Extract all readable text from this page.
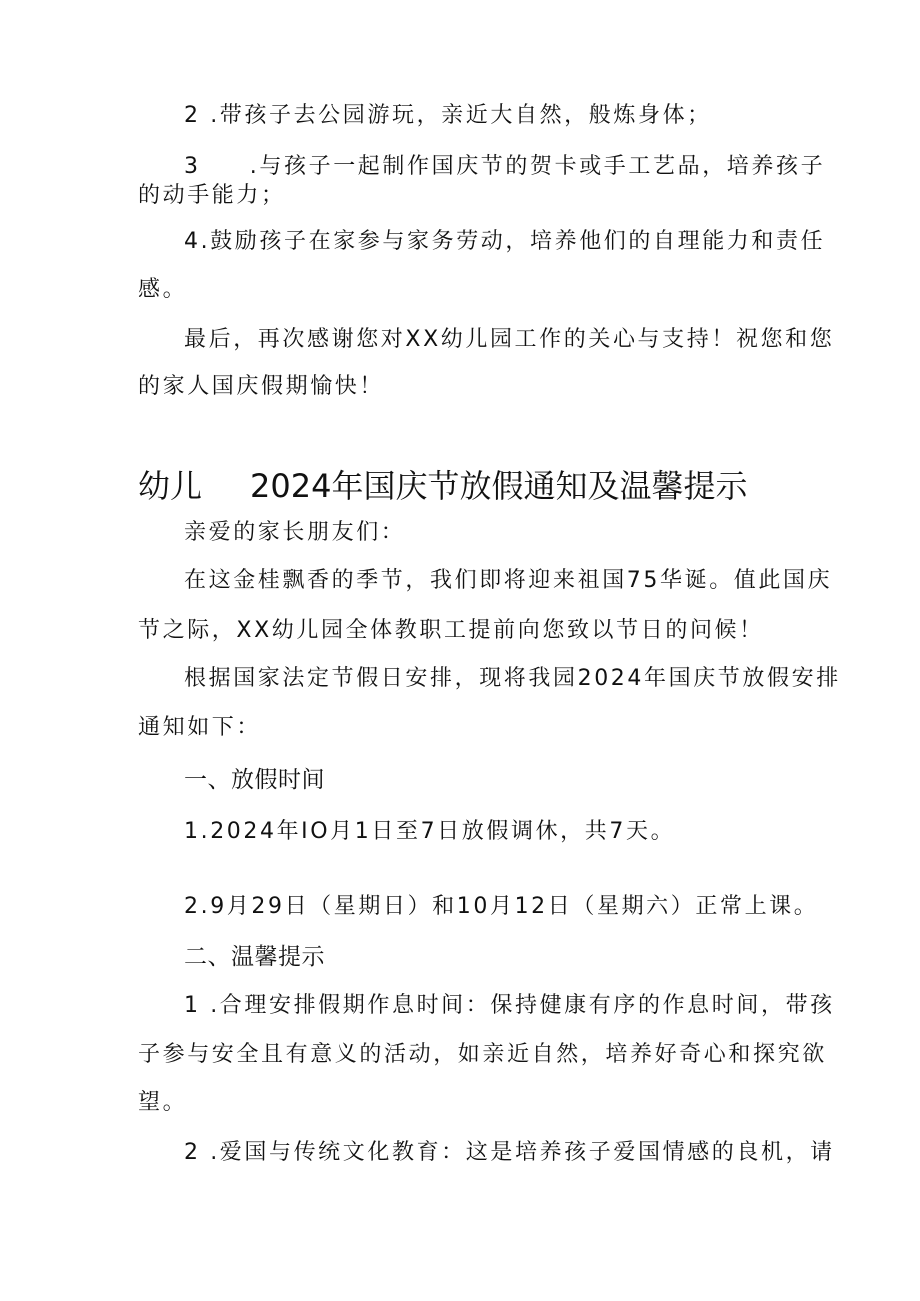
2 .带孩子去公园游玩，亲近大自然，般炼身体；

3　　.与孩子一起制作国庆节的贺卡或手工艺品，培养孩子

的动手能力；

4.鼓励孩子在家参与家务劳动，培养他们的自理能力和责任

感。

最后，再次感谢您对XX幼儿园工作的关心与支持！祝您和您

的家人国庆假期愉快！

幼儿 2024年国庆节放假通知及温馨提示

亲爱的家长朋友们：

在这金桂飘香的季节，我们即将迎来祖国75华诞。值此国庆

节之际，XX幼儿园全体教职工提前向您致以节日的问候！

根据国家法定节假日安排，现将我园2024年国庆节放假安排

通知如下：

一、放假时间

1.2024年IO月1日至7日放假调休，共7天。

2.9月29日（星期日）和10月12日（星期六）正常上课。

二、温馨提示

1 .合理安排假期作息时间：保持健康有序的作息时间，带孩

子参与安全且有意义的活动，如亲近自然，培养好奇心和探究欲

望。

2 .爱国与传统文化教育：这是培养孩子爱国情感的良机，请
